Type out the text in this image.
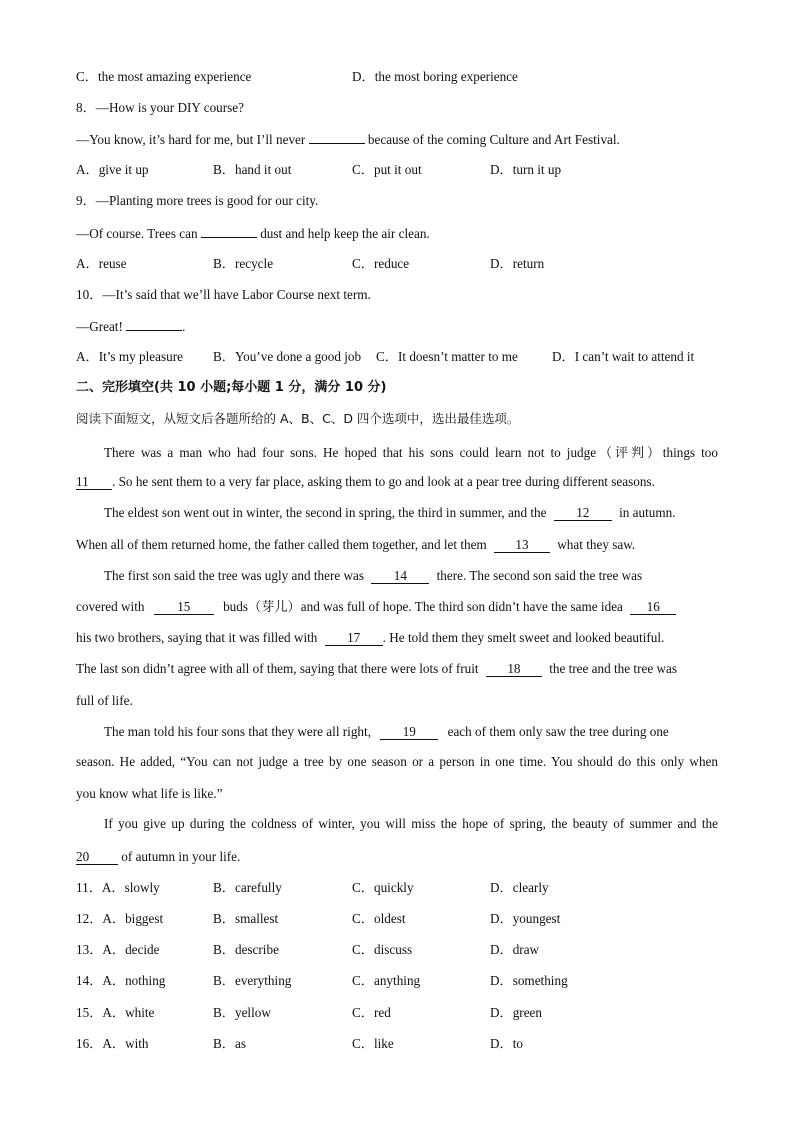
C．the most amazing experience	D．the most boring experience
8．—How is your DIY course?
—You know, it’s hard for me, but I’ll never	because of the coming Culture and Art Festival.
A．give it up	B．hand it out	C．put it out	D．turn it up
9．—Planting more trees is good for our city.
—Of course. Trees can	dust and help keep the air clean.
A．reuse	B．recycle	C．reduce	D．return
10．—It’s said that we’ll have Labor Course next term.
—Great!	.
A．It’s my pleasure B．You’ve done a good job C．It doesn’t matter to me	D．I can’t wait to attend it
二、完形填空(共 10 小题;每小题 1 分，满分 10 分)
阅读下面短文，从短文后各题所给的 A、B、C、D 四个选项中，选出最佳选项。
There was a man who had four sons. He hoped that his sons could learn not to judge（评判）things too
11 . So he sent them to a very far place, asking them to go and look at a pear tree during different seasons.
The eldest son went out in winter, the second in spring, the third in summer, and the 12 in autumn.
When all of them returned home, the father called them together, and let them 13 what they saw.
The first son said the tree was ugly and there was 14 there. The second son said the tree was
covered with 15 buds（芽儿）and was full of hope. The third son didn’t have the same idea 16
his two brothers, saying that it was filled with 17 . He told them they smelt sweet and looked beautiful.
The last son didn’t agree with all of them, saying that there were lots of fruit 18 the tree and the tree was
full of life.
The man told his four sons that they were all right, 19 each of them only saw the tree during one
season. He added, “You can not judge a tree by one season or a person in one time. You should do this only when
you know what life is like.”
If you give up during the coldness of winter, you will miss the hope of spring, the beauty of summer and the
20 of autumn in your life.
11．A．slowly	B．carefully	C．quickly	D．clearly
12．A．biggest	B．smallest	C．oldest	D．youngest
13．A．decide	B．describe	C．discuss	D．draw
14．A．nothing	B．everything	C．anything	D．something
15．A．white	B．yellow	C．red	D．green
16．A．with	B．as	C．like	D．to
